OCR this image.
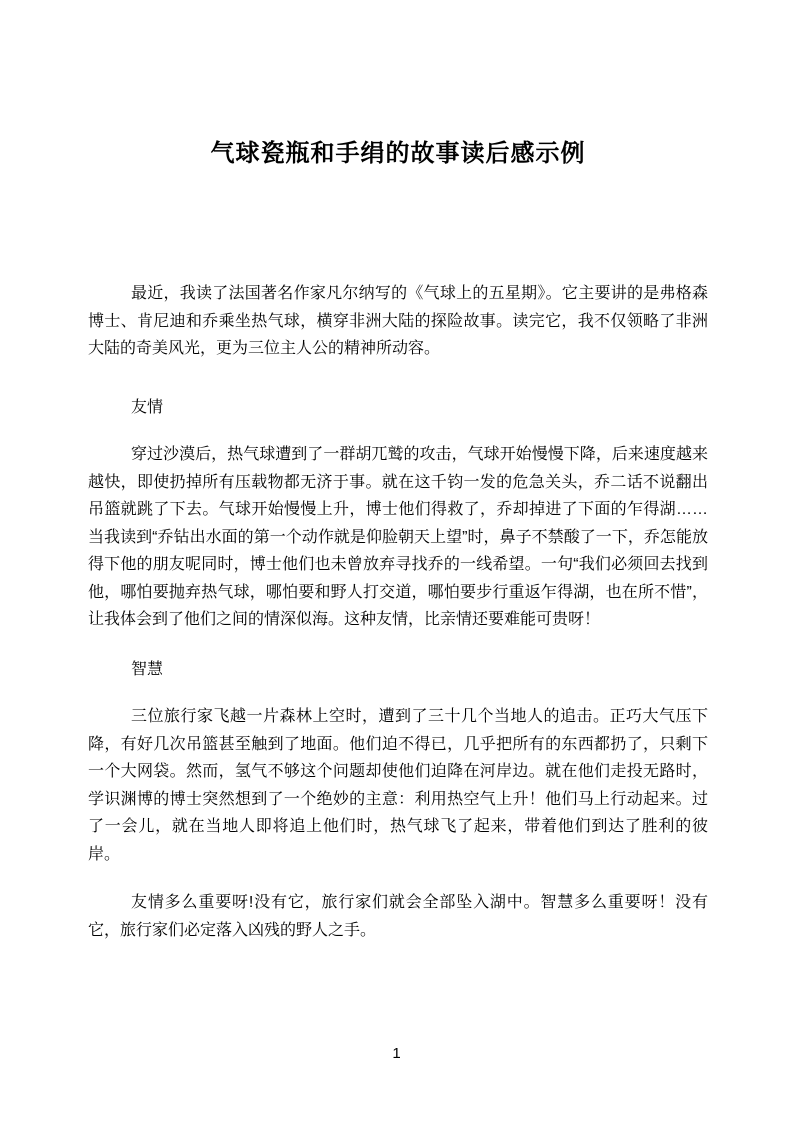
气球瓷瓶和手绢的故事读后感示例

最近，我读了法国著名作家凡尔纳写的《气球上的五星期》。它主要讲的是弗格森博士、肯尼迪和乔乘坐热气球，横穿非洲大陆的探险故事。读完它，我不仅领略了非洲大陆的奇美风光，更为三位主人公的精神所动容。

友情

穿过沙漠后，热气球遭到了一群胡兀鹫的攻击，气球开始慢慢下降，后来速度越来越快，即使扔掉所有压载物都无济于事。就在这千钧一发的危急关头，乔二话不说翻出吊篮就跳了下去。气球开始慢慢上升，博士他们得救了，乔却掉进了下面的乍得湖……当我读到“乔钻出水面的第一个动作就是仰脸朝天上望”时，鼻子不禁酸了一下，乔怎能放得下他的朋友呢同时，博士他们也未曾放弃寻找乔的一线希望。一句“我们必须回去找到他，哪怕要抛弃热气球，哪怕要和野人打交道，哪怕要步行重返乍得湖，也在所不惜”，让我体会到了他们之间的情深似海。这种友情，比亲情还要难能可贵呀！

智慧

三位旅行家飞越一片森林上空时，遭到了三十几个当地人的追击。正巧大气压下降，有好几次吊篮甚至触到了地面。他们迫不得已，几乎把所有的东西都扔了，只剩下一个大网袋。然而，氢气不够这个问题却使他们迫降在河岸边。就在他们走投无路时，学识渊博的博士突然想到了一个绝妙的主意：利用热空气上升！他们马上行动起来。过了一会儿，就在当地人即将追上他们时，热气球飞了起来，带着他们到达了胜利的彼岸。

友情多么重要呀!没有它，旅行家们就会全部坠入湖中。智慧多么重要呀！没有它，旅行家们必定落入凶残的野人之手。

1
